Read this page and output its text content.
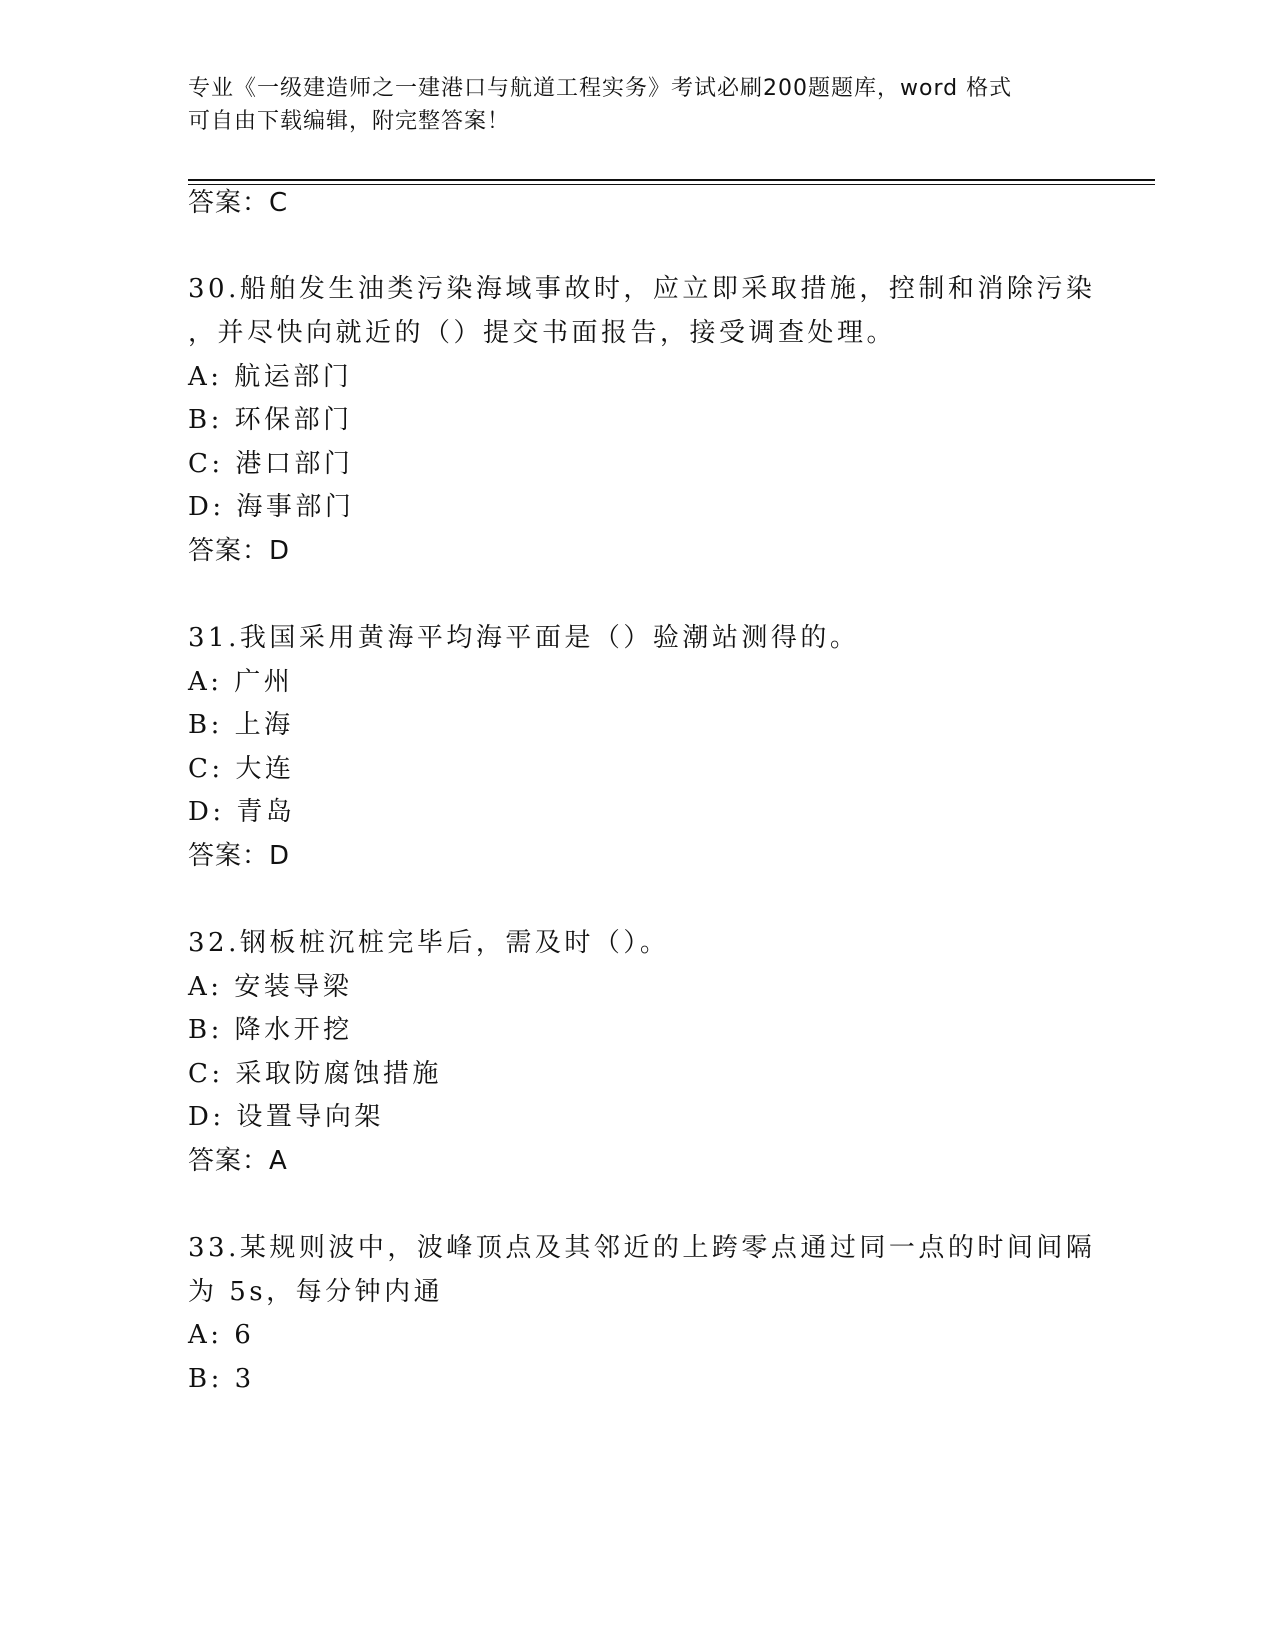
专业《一级建造师之一建港口与航道工程实务》考试必刷200题题库，word 格式
可自由下载编辑，附完整答案！
答案：C
30.船舶发生油类污染海域事故时，应立即采取措施，控制和消除污染
，并尽快向就近的（）提交书面报告，接受调查处理。
A: 航运部门
B: 环保部门
C: 港口部门
D: 海事部门
答案：D
31.我国采用黄海平均海平面是（）验潮站测得的。
A: 广州
B: 上海
C: 大连
D: 青岛
答案：D
32.钢板桩沉桩完毕后，需及时（）。
A: 安装导梁
B: 降水开挖
C: 采取防腐蚀措施
D: 设置导向架
答案：A
33.某规则波中，波峰顶点及其邻近的上跨零点通过同一点的时间间隔
为 5s，每分钟内通
A: 6
B: 3
